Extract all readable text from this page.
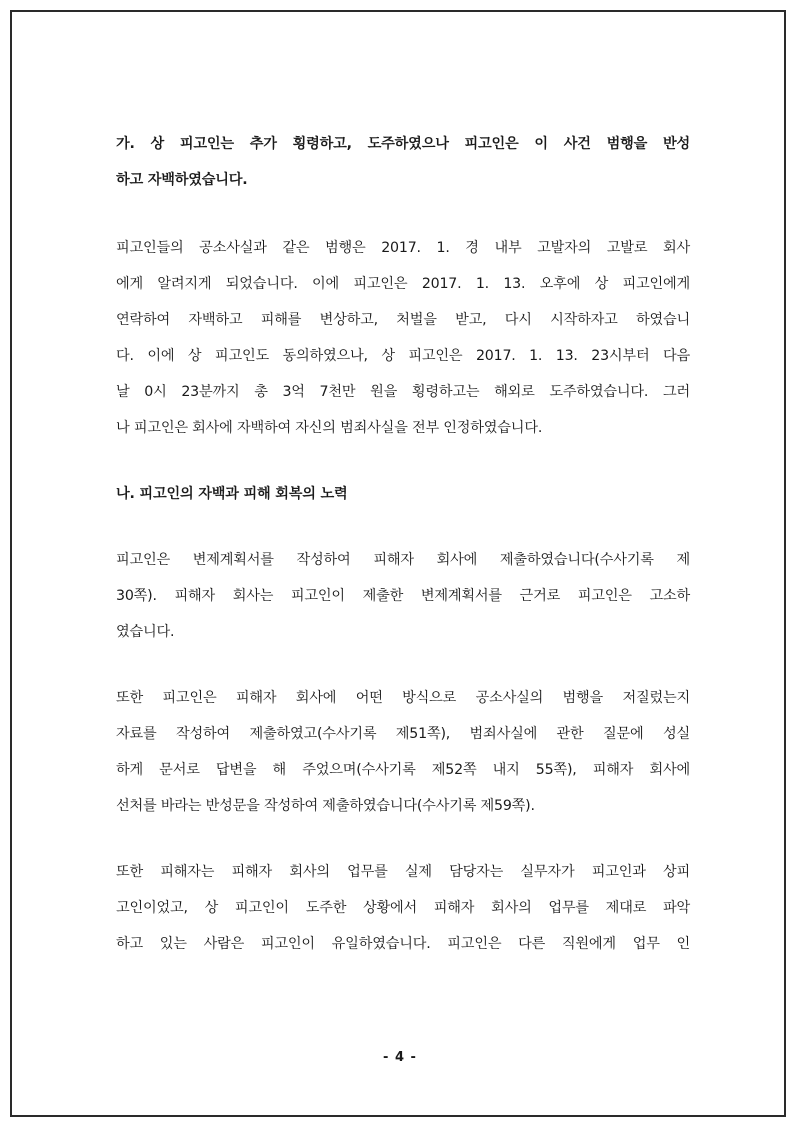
가. 상 피고인는 추가 횡령하고, 도주하였으나 피고인은 이 사건 범행을 반성
하고 자백하였습니다.
피고인들의 공소사실과 같은 범행은 2017. 1. 경 내부 고발자의 고발로 회사
에게 알려지게 되었습니다. 이에 피고인은 2017. 1. 13. 오후에 상 피고인에게
연락하여 자백하고 피해를 변상하고, 처벌을 받고, 다시 시작하자고 하였습니
다. 이에 상 피고인도 동의하였으나, 상 피고인은 2017. 1. 13. 23시부터 다음
날 0시 23분까지 총 3억 7천만 원을 횡령하고는 해외로 도주하였습니다. 그러
나 피고인은 회사에 자백하여 자신의 범죄사실을 전부 인정하였습니다.
나. 피고인의 자백과 피해 회복의 노력
피고인은 변제계획서를 작성하여 피해자 회사에 제출하였습니다(수사기록 제
30쪽). 피해자 회사는 피고인이 제출한 변제계획서를 근거로 피고인은 고소하
였습니다.
또한 피고인은 피해자 회사에 어떤 방식으로 공소사실의 범행을 저질렀는지
자료를 작성하여 제출하였고(수사기록 제51쪽), 범죄사실에 관한 질문에 성실
하게 문서로 답변을 해 주었으며(수사기록 제52쪽 내지 55쪽), 피해자 회사에
선처를 바라는 반성문을 작성하여 제출하였습니다(수사기록 제59쪽).
또한 피해자는 피해자 회사의 업무를 실제 담당자는 실무자가 피고인과 상피
고인이었고, 상 피고인이 도주한 상황에서 피해자 회사의 업무를 제대로 파악
하고 있는 사람은 피고인이 유일하였습니다. 피고인은 다른 직원에게 업무 인
- 4 -
